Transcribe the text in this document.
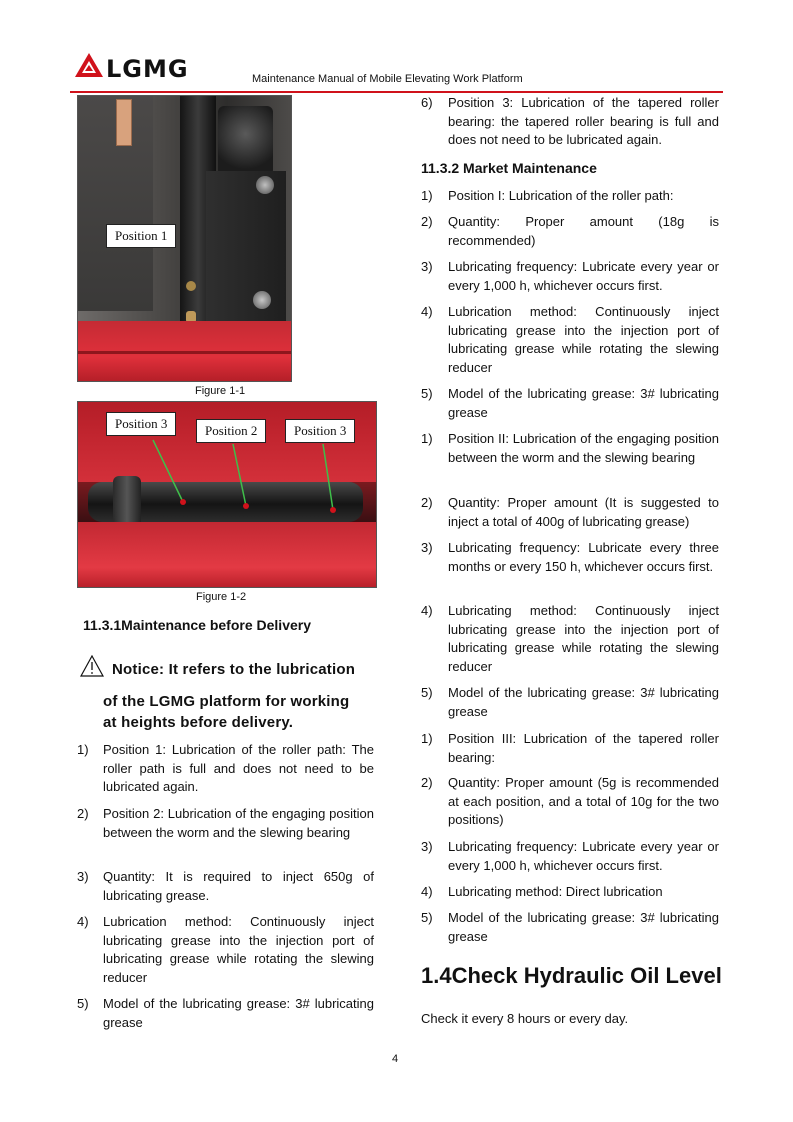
LGMG	Maintenance Manual of Mobile Elevating Work Platform
Position 1
Figure 1-1
Position 3	Position 2	Position 3
Figure 1-2
11.3.1Maintenance before Delivery
Notice: It refers to the lubrication
of the LGMG platform for working
at heights before delivery.
1) Position 1: Lubrication of the roller path: The roller path is full and does not need to be lubricated again.
2) Position 2: Lubrication of the engaging position between the worm and the slewing bearing
3) Quantity: It is required to inject 650g of lubricating grease.
4) Lubrication method: Continuously inject lubricating grease into the injection port of lubricating grease while rotating the slewing reducer
5) Model of the lubricating grease: 3# lubricating grease
6) Position 3: Lubrication of the tapered roller bearing: the tapered roller bearing is full and does not need to be lubricated again.
11.3.2 Market Maintenance
1) Position I: Lubrication of the roller path:
2) Quantity: Proper amount (18g is recommended)
3) Lubricating frequency: Lubricate every year or every 1,000 h, whichever occurs first.
4) Lubrication method: Continuously inject lubricating grease into the injection port of lubricating grease while rotating the slewing reducer
5) Model of the lubricating grease: 3# lubricating grease
1) Position II: Lubrication of the engaging position between the worm and the slewing bearing
2) Quantity: Proper amount (It is suggested to inject a total of 400g of lubricating grease)
3) Lubricating frequency: Lubricate every three months or every 150 h, whichever occurs first.
4) Lubricating method: Continuously inject lubricating grease into the injection port of lubricating grease while rotating the slewing reducer
5) Model of the lubricating grease: 3# lubricating grease
1) Position III: Lubrication of the tapered roller bearing:
2) Quantity: Proper amount (5g is recommended at each position, and a total of 10g for the two positions)
3) Lubricating frequency: Lubricate every year or every 1,000 h, whichever occurs first.
4) Lubricating method: Direct lubrication
5) Model of the lubricating grease: 3# lubricating grease
1.4Check Hydraulic Oil Level
Check it every 8 hours or every day.
4
